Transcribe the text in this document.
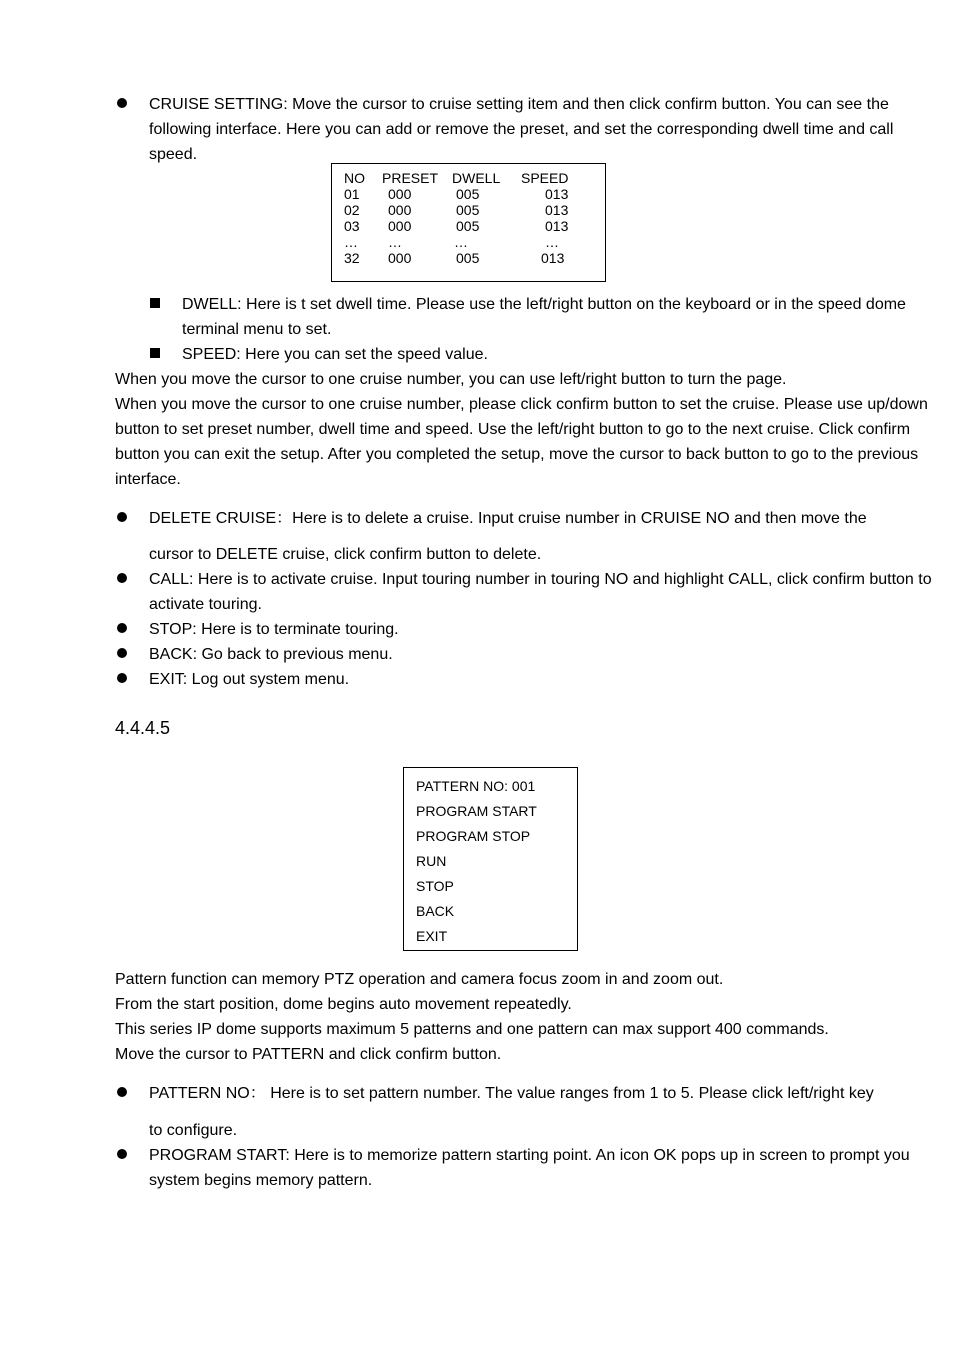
CRUISE SETTING: Move the cursor to cruise setting item and then click confirm button. You can see the following interface. Here you can add or remove the preset, and set the corresponding dwell time and call speed.
NO PRESET DWELL SPEED
01 000	005	013
02 000	005	013
03 000	005	013
… …	…	…
32 000	005	013
DWELL: Here is t set dwell time. Please use the left/right button on the keyboard or in the speed dome terminal menu to set.
SPEED: Here you can set the speed value.
When you move the cursor to one cruise number, you can use left/right button to turn the page.
When you move the cursor to one cruise number, please click confirm button to set the cruise. Please use up/down button to set preset number, dwell time and speed. Use the left/right button to go to the next cruise. Click confirm button you can exit the setup. After you completed the setup, move the cursor to back button to go to the previous interface.
DELETE CRUISE：Here is to delete a cruise. Input cruise number in CRUISE NO and then move the
cursor to DELETE cruise, click confirm button to delete.
CALL: Here is to activate cruise. Input touring number in touring NO and highlight CALL, click confirm button to activate touring.
STOP: Here is to terminate touring.
BACK: Go back to previous menu.
EXIT: Log out system menu.
4.4.4.5
PATTERN NO: 001
PROGRAM START
PROGRAM STOP
RUN
STOP
BACK
EXIT
Pattern function can memory PTZ operation and camera focus zoom in and zoom out.
From the start position, dome begins auto movement repeatedly.
This series IP dome supports maximum 5 patterns and one pattern can max support 400 commands.
Move the cursor to PATTERN and click confirm button.
PATTERN NO： Here is to set pattern number. The value ranges from 1 to 5. Please click left/right key
to configure.
PROGRAM START: Here is to memorize pattern starting point. An icon OK pops up in screen to prompt you system begins memory pattern.
